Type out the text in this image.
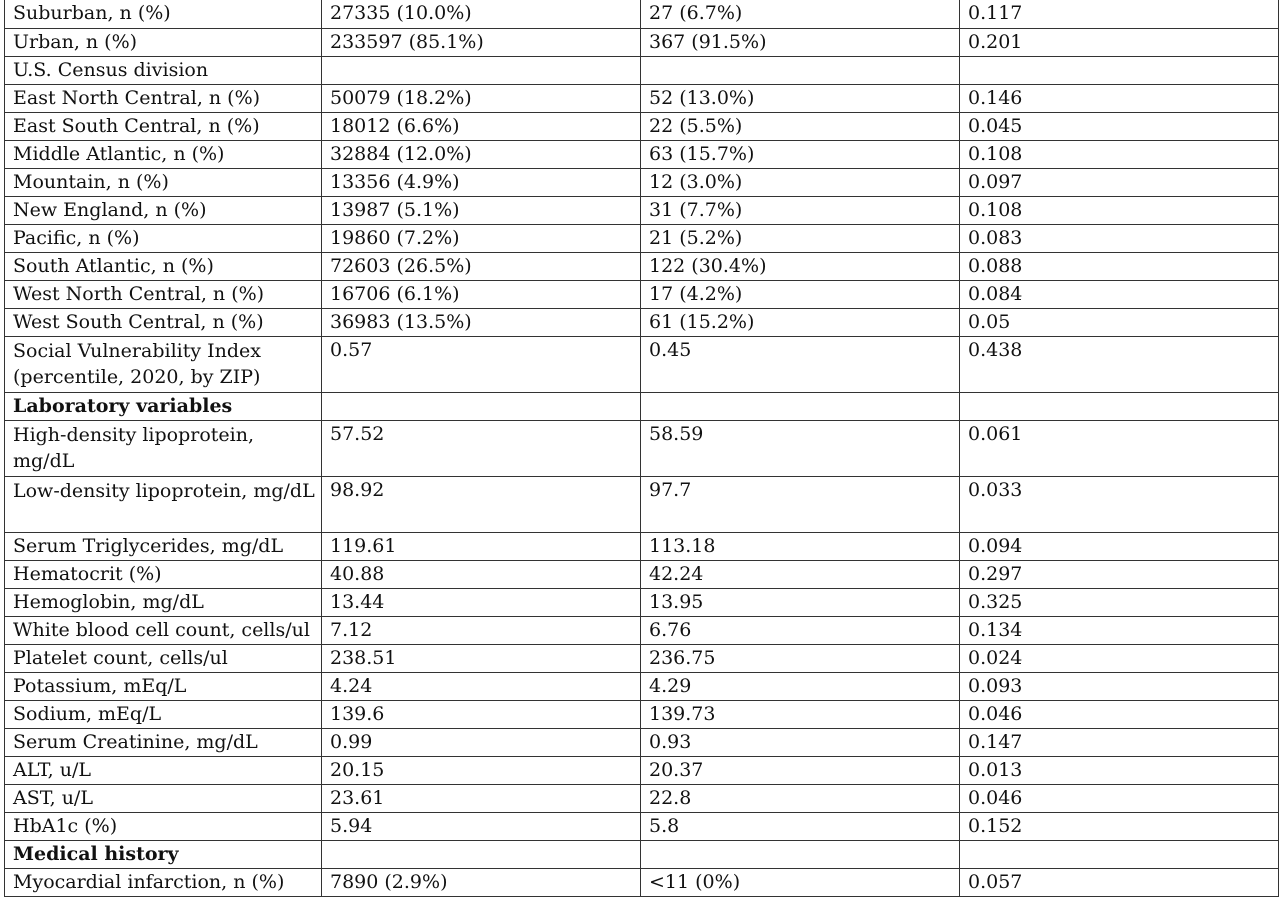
Suburban, n (%)	27335 (10.0%)	27 (6.7%)	0.117
Urban, n (%)	233597 (85.1%)	367 (91.5%)	0.201
U.S. Census division			
East North Central, n (%)	50079 (18.2%)	52 (13.0%)	0.146
East South Central, n (%)	18012 (6.6%)	22 (5.5%)	0.045
Middle Atlantic, n (%)	32884 (12.0%)	63 (15.7%)	0.108
Mountain, n (%)	13356 (4.9%)	12 (3.0%)	0.097
New England, n (%)	13987 (5.1%)	31 (7.7%)	0.108
Pacific, n (%)	19860 (7.2%)	21 (5.2%)	0.083
South Atlantic, n (%)	72603 (26.5%)	122 (30.4%)	0.088
West North Central, n (%)	16706 (6.1%)	17 (4.2%)	0.084
West South Central, n (%)	36983 (13.5%)	61 (15.2%)	0.05
Social Vulnerability Index (percentile, 2020, by ZIP)	0.57	0.45	0.438
Laboratory variables			
High-density lipoprotein, mg/dL	57.52	58.59	0.061
Low-density lipoprotein, mg/dL	98.92	97.7	0.033
Serum Triglycerides, mg/dL	119.61	113.18	0.094
Hematocrit (%)	40.88	42.24	0.297
Hemoglobin, mg/dL	13.44	13.95	0.325
White blood cell count, cells/ul	7.12	6.76	0.134
Platelet count, cells/ul	238.51	236.75	0.024
Potassium, mEq/L	4.24	4.29	0.093
Sodium, mEq/L	139.6	139.73	0.046
Serum Creatinine, mg/dL	0.99	0.93	0.147
ALT, u/L	20.15	20.37	0.013
AST, u/L	23.61	22.8	0.046
HbA1c (%)	5.94	5.8	0.152
Medical history			
Myocardial infarction, n (%)	7890 (2.9%)	<11 (0%)	0.057
